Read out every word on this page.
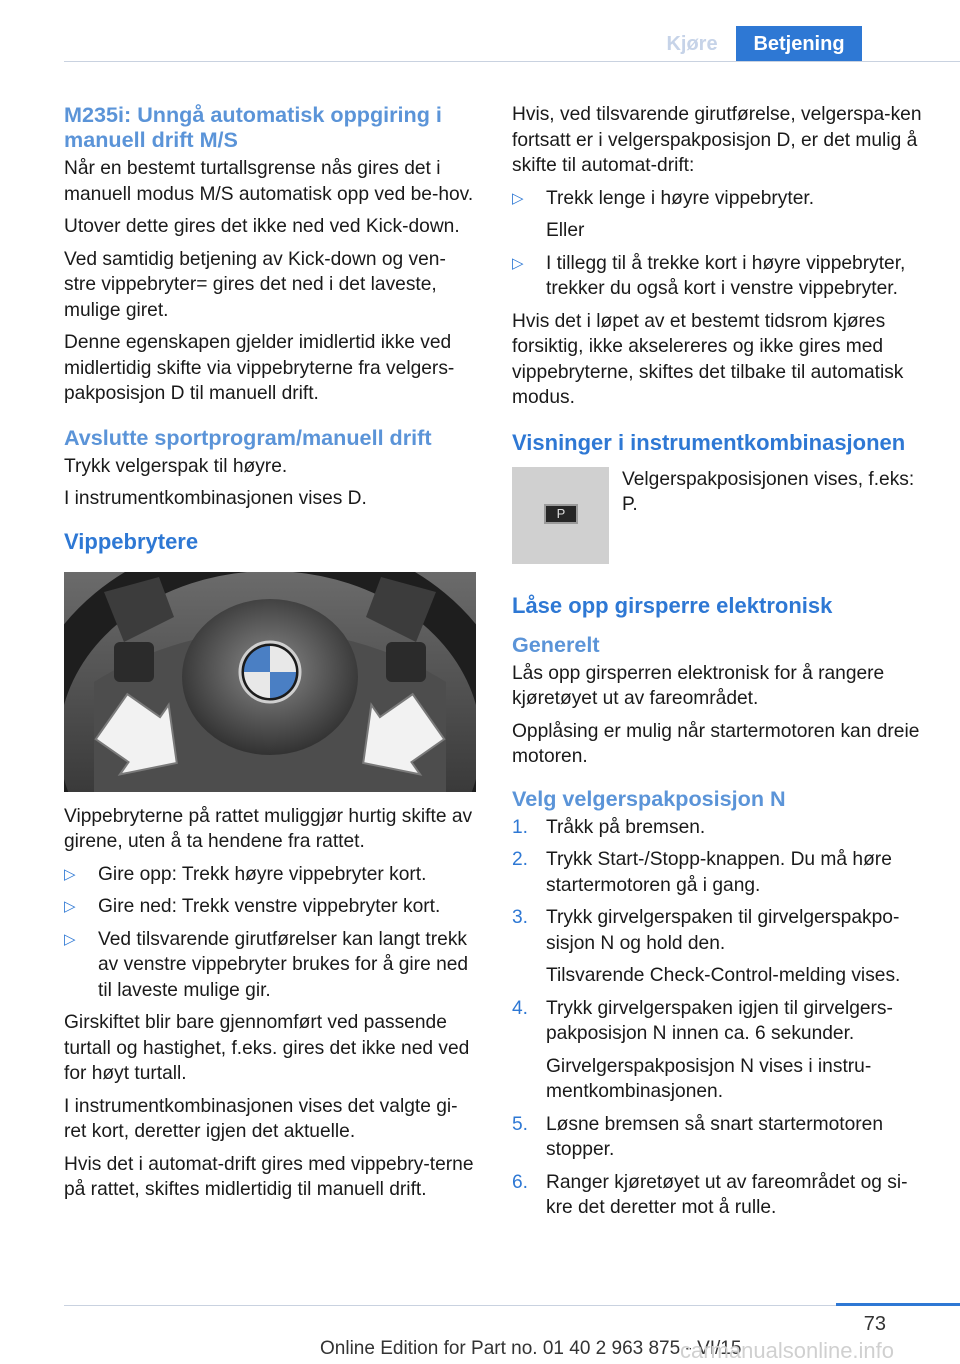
Kjøre	Betjening
M235i: Unngå automatisk oppgiring i manuell drift M/S

Når en bestemt turtallsgrense nås gires det i manuell modus M/S automatisk opp ved be-hov.

Utover dette gires det ikke ned ved Kick-down.

Ved samtidig betjening av Kick-down og ven-stre vippebryter= gires det ned i det laveste, mulige giret.

Denne egenskapen gjelder imidlertid ikke ved midlertidig skifte via vippebryterne fra velgers-pakposisjon D til manuell drift.

Avslutte sportprogram/manuell drift

Trykk velgerspak til høyre.

I instrumentkombinasjonen vises D.

Vippebrytere

Vippebryterne på rattet muliggjør hurtig skifte av girene, uten å ta hendene fra rattet.

▷	Gire opp: Trekk høyre vippebryter kort.
▷	Gire ned: Trekk venstre vippebryter kort.
▷	Ved tilsvarende girutførelser kan langt trekk av venstre vippebryter brukes for å gire ned til laveste mulige gir.

Girskiftet blir bare gjennomført ved passende turtall og hastighet, f.eks. gires det ikke ned ved for høyt turtall.

I instrumentkombinasjonen vises det valgte gi-ret kort, deretter igjen det aktuelle.

Hvis det i automat-drift gires med vippebry-terne på rattet, skiftes midlertidig til manuell drift.

Hvis, ved tilsvarende girutførelse, velgerspa-ken fortsatt er i velgerspakposisjon D, er det mulig å skifte til automat-drift:

▷	Trekk lenge i høyre vippebryter.

Eller

▷	I tillegg til å trekke kort i høyre vippebryter, trekker du også kort i venstre vippebryter.

Hvis det i løpet av et bestemt tidsrom kjøres forsiktig, ikke akselereres og ikke gires med vippebryterne, skiftes det tilbake til automatisk modus.

Visninger i instrumentkombinasjonen
P
Velgerspakposisjonen vises, f.eks: P.
Låse opp girsperre elektronisk
Generelt

Lås opp girsperren elektronisk for å rangere kjøretøyet ut av fareområdet.

Opplåsing er mulig når startermotoren kan dreie motoren.

Velg velgerspakposisjon N
1. Tråkk på bremsen.
2. Trykk Start-/Stopp-knappen. Du må høre startermotoren gå i gang.
3. Trykk girvelgerspaken til girvelgerspakpo-sisjon N og hold den.

Tilsvarende Check-Control-melding vises.

4. Trykk girvelgerspaken igjen til girvelgers-pakposisjon N innen ca. 6 sekunder.

Girvelgerspakposisjon N vises i instru-mentkombinasjonen.

5. Løsne bremsen så snart startermotoren stopper.
6. Ranger kjøretøyet ut av fareområdet og si-kre det deretter mot å rulle.
73
Online Edition for Part no. 01 40 2 963 875 - VI/15
carmanualsonline.info
